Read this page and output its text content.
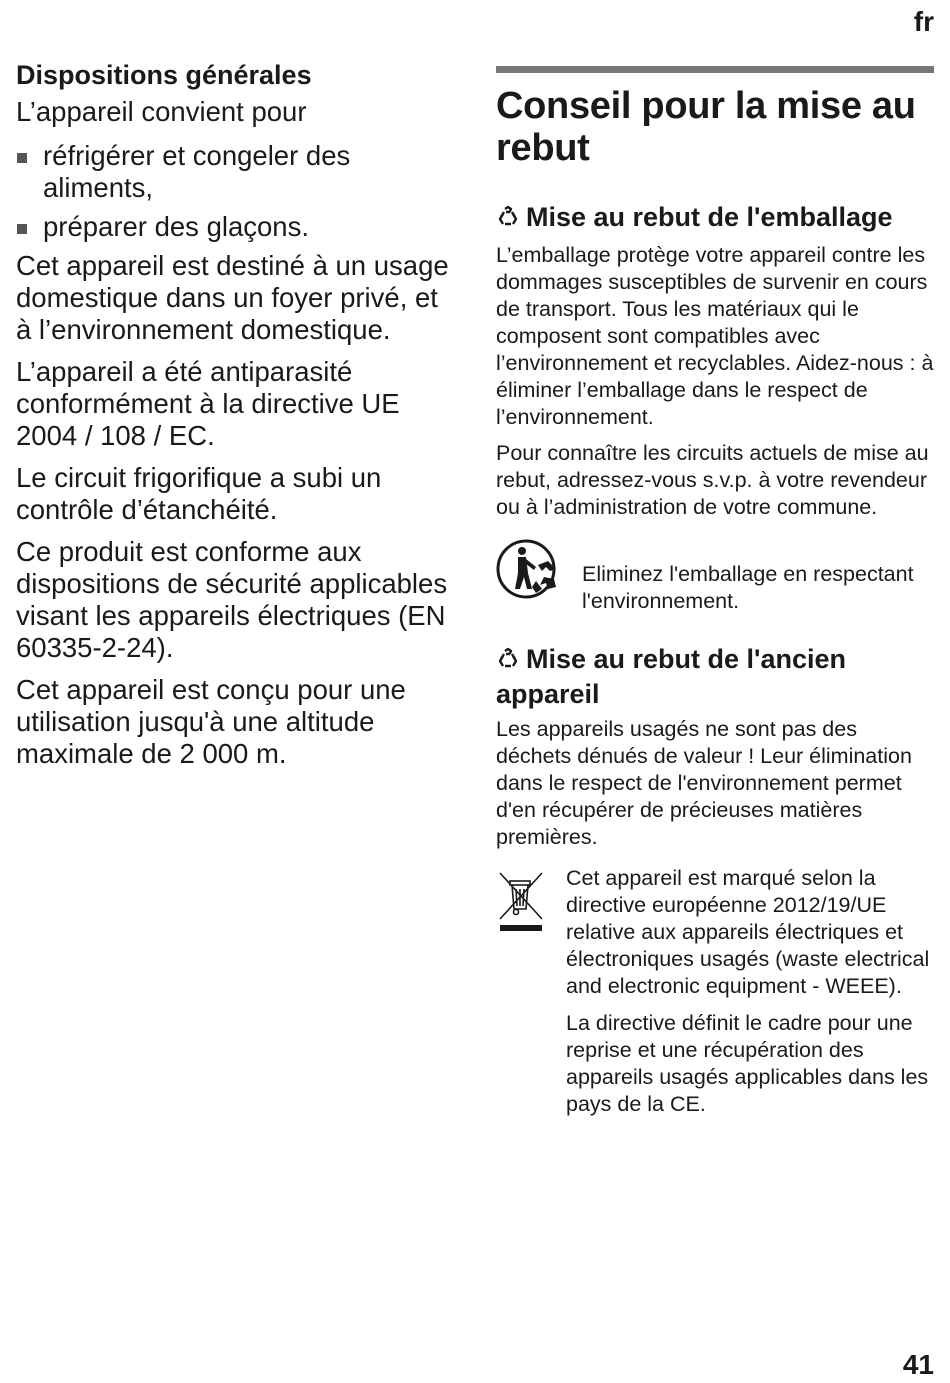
fr
Dispositions générales

L’appareil convient pour

réfrigérer et congeler des aliments,
préparer des glaçons.

Cet appareil est destiné à un usage domestique dans un foyer privé, et à l’environnement domestique.

L’appareil a été antiparasité conformément à la directive UE 2004 / 108 / EC.

Le circuit frigorifique a subi un contrôle d’étanchéité.

Ce produit est conforme aux dispositions de sécurité applicables visant les appareils électriques (EN 60335-2-24).

Cet appareil est conçu pour une utilisation jusqu'à une altitude maximale de 2 000 m.

Conseil pour la mise au rebut
Mise au rebut de l'emballage

L’emballage protège votre appareil contre les dommages susceptibles de survenir en cours de transport. Tous les matériaux qui le composent sont compatibles avec l’environnement et recyclables. Aidez-nous : à éliminer l’emballage dans le respect de l’environnement.

Pour connaître les circuits actuels de mise au rebut, adressez-vous s.v.p. à votre revendeur ou à l’administration de votre commune.

Eliminez l'emballage en respectant l'environnement.

Mise au rebut de l'ancien appareil

Les appareils usagés ne sont pas des déchets dénués de valeur ! Leur élimination dans le respect de l'environnement permet d'en récupérer de précieuses matières premières.

Cet appareil est marqué selon la directive européenne 2012/19/UE relative aux appareils électriques et électroniques usagés (waste electrical and electronic equipment - WEEE).

La directive définit le cadre pour une reprise et une récupération des appareils usagés applicables dans les pays de la CE.

41
